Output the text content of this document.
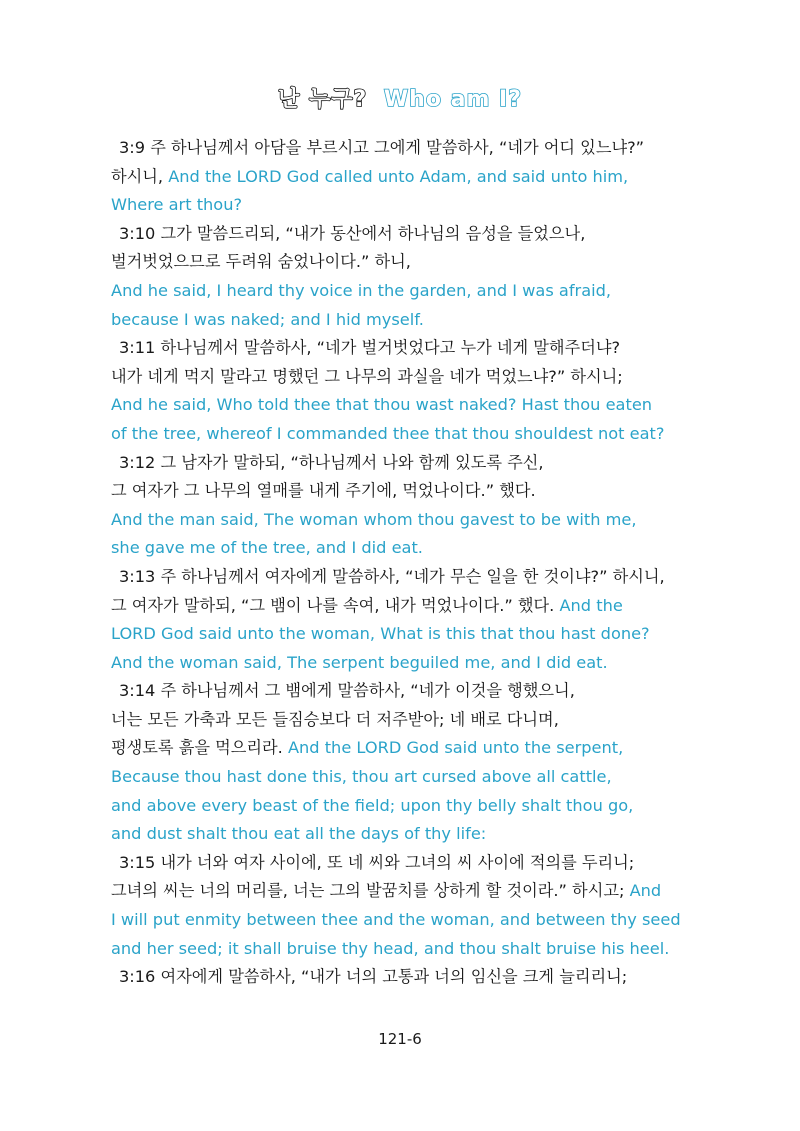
난 누구? Who am I?
3:9 주 하나님께서 아담을 부르시고 그에게 말씀하사, “네가 어디 있느냐?”
하시니, And the LORD God called unto Adam, and said unto him,
Where art thou?
3:10 그가 말씀드리되, “내가 동산에서 하나님의 음성을 들었으나,
벌거벗었으므로 두려워 숨었나이다.” 하니,
And he said, I heard thy voice in the garden, and I was afraid,
because I was naked; and I hid myself.
3:11 하나님께서 말씀하사, “네가 벌거벗었다고 누가 네게 말해주더냐?
내가 네게 먹지 말라고 명했던 그 나무의 과실을 네가 먹었느냐?” 하시니;
And he said, Who told thee that thou wast naked? Hast thou eaten
of the tree, whereof I commanded thee that thou shouldest not eat?
3:12 그 남자가 말하되, “하나님께서 나와 함께 있도록 주신,
그 여자가 그 나무의 열매를 내게 주기에, 먹었나이다.” 했다.
And the man said, The woman whom thou gavest to be with me,
she gave me of the tree, and I did eat.
3:13 주 하나님께서 여자에게 말씀하사, “네가 무슨 일을 한 것이냐?” 하시니,
그 여자가 말하되, “그 뱀이 나를 속여, 내가 먹었나이다.” 했다. And the
LORD God said unto the woman, What is this that thou hast done?
And the woman said, The serpent beguiled me, and I did eat.
3:14 주 하나님께서 그 뱀에게 말씀하사, “네가 이것을 행했으니,
너는 모든 가축과 모든 들짐승보다 더 저주받아; 네 배로 다니며,
평생토록 흙을 먹으리라. And the LORD God said unto the serpent,
Because thou hast done this, thou art cursed above all cattle,
and above every beast of the field; upon thy belly shalt thou go,
and dust shalt thou eat all the days of thy life:
3:15 내가 너와 여자 사이에, 또 네 씨와 그녀의 씨 사이에 적의를 두리니;
그녀의 씨는 너의 머리를, 너는 그의 발꿈치를 상하게 할 것이라.” 하시고; And
I will put enmity between thee and the woman, and between thy seed
and her seed; it shall bruise thy head, and thou shalt bruise his heel.
3:16 여자에게 말씀하사, “내가 너의 고통과 너의 임신을 크게 늘리리니;
121-6
